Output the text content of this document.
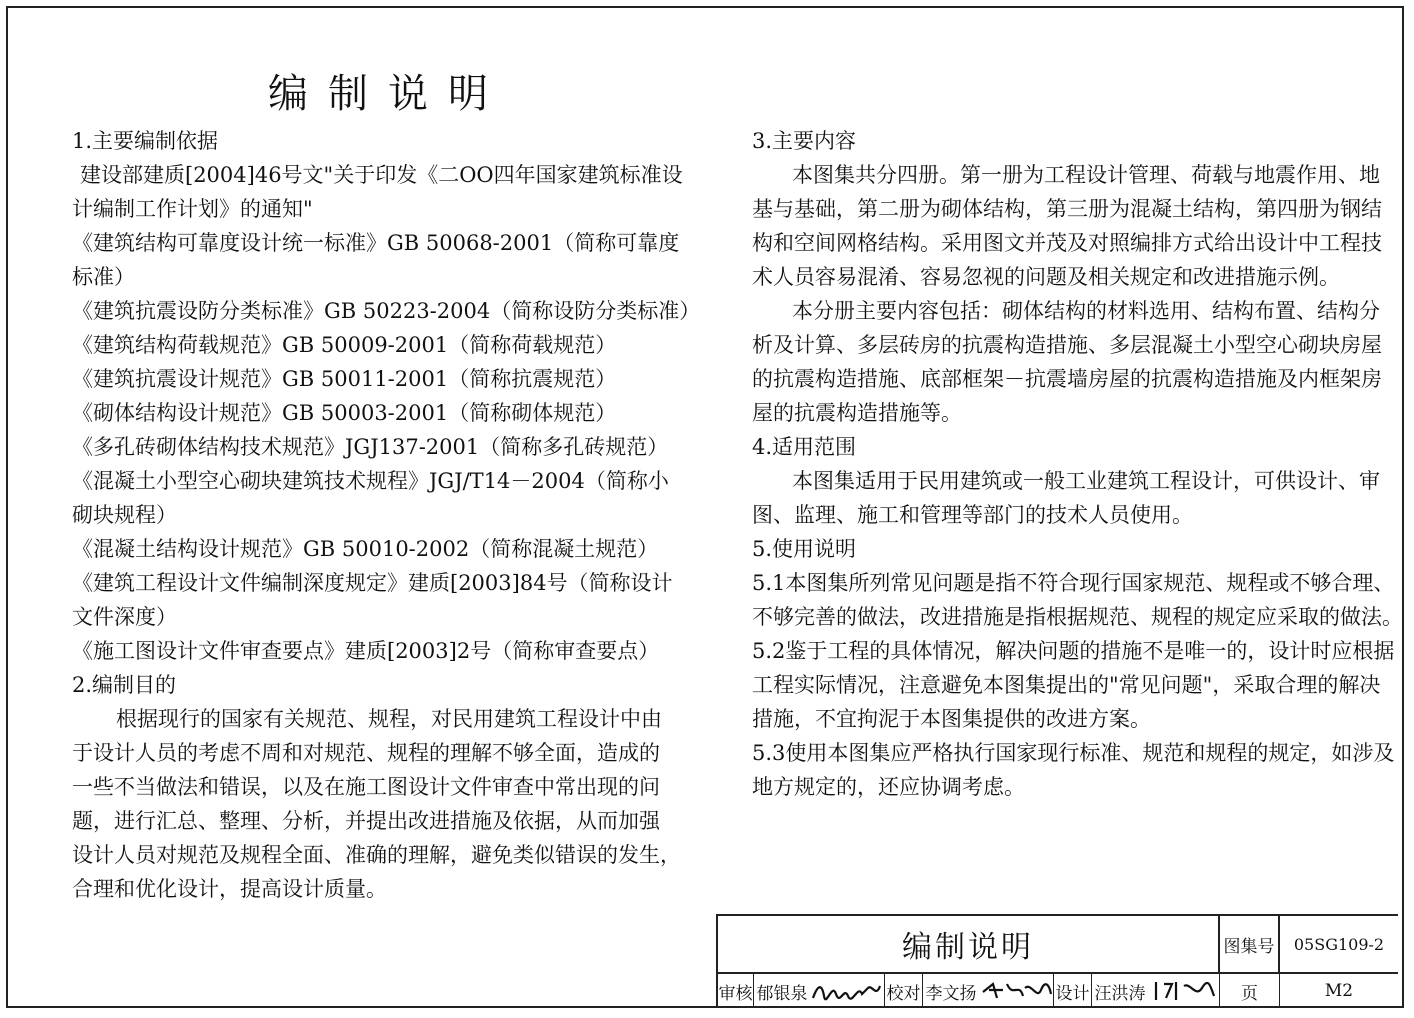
编制说明

1.主要编制依据

建设部建质[2004]46号文"关于印发《二OO四年国家建筑标准设

计编制工作计划》的通知"

《建筑结构可靠度设计统一标准》GB 50068-2001（简称可靠度

标准）

《建筑抗震设防分类标准》GB 50223-2004（简称设防分类标准）

《建筑结构荷载规范》GB 50009-2001（简称荷载规范）

《建筑抗震设计规范》GB 50011-2001（简称抗震规范）

《砌体结构设计规范》GB 50003-2001（简称砌体规范）

《多孔砖砌体结构技术规范》JGJ137-2001（简称多孔砖规范）

《混凝土小型空心砌块建筑技术规程》JGJ/T14－2004（简称小

砌块规程）

《混凝土结构设计规范》GB 50010-2002（简称混凝土规范）

《建筑工程设计文件编制深度规定》建质[2003]84号（简称设计

文件深度）

《施工图设计文件审查要点》建质[2003]2号（简称审查要点）

2.编制目的

根据现行的国家有关规范、规程，对民用建筑工程设计中由

于设计人员的考虑不周和对规范、规程的理解不够全面，造成的

一些不当做法和错误，以及在施工图设计文件审查中常出现的问

题，进行汇总、整理、分析，并提出改进措施及依据，从而加强

设计人员对规范及规程全面、准确的理解，避免类似错误的发生，

合理和优化设计，提高设计质量。

3.主要内容

本图集共分四册。第一册为工程设计管理、荷载与地震作用、地

基与基础，第二册为砌体结构，第三册为混凝土结构，第四册为钢结

构和空间网格结构。采用图文并茂及对照编排方式给出设计中工程技

术人员容易混淆、容易忽视的问题及相关规定和改进措施示例。

本分册主要内容包括：砌体结构的材料选用、结构布置、结构分

析及计算、多层砖房的抗震构造措施、多层混凝土小型空心砌块房屋

的抗震构造措施、底部框架－抗震墙房屋的抗震构造措施及内框架房

屋的抗震构造措施等。

4.适用范围

本图集适用于民用建筑或一般工业建筑工程设计，可供设计、审

图、监理、施工和管理等部门的技术人员使用。

5.使用说明

5.1本图集所列常见问题是指不符合现行国家规范、规程或不够合理、

不够完善的做法，改进措施是指根据规范、规程的规定应采取的做法。

5.2鉴于工程的具体情况，解决问题的措施不是唯一的，设计时应根据

工程实际情况，注意避免本图集提出的"常见问题"，采取合理的解决

措施，不宜拘泥于本图集提供的改进方案。

5.3使用本图集应严格执行国家现行标准、规范和规程的规定，如涉及

地方规定的，还应协调考虑。

编制说明	图集号	05SG109-2
审核 郁银泉	校对 李文扬	设计 汪洪涛	页	M2
